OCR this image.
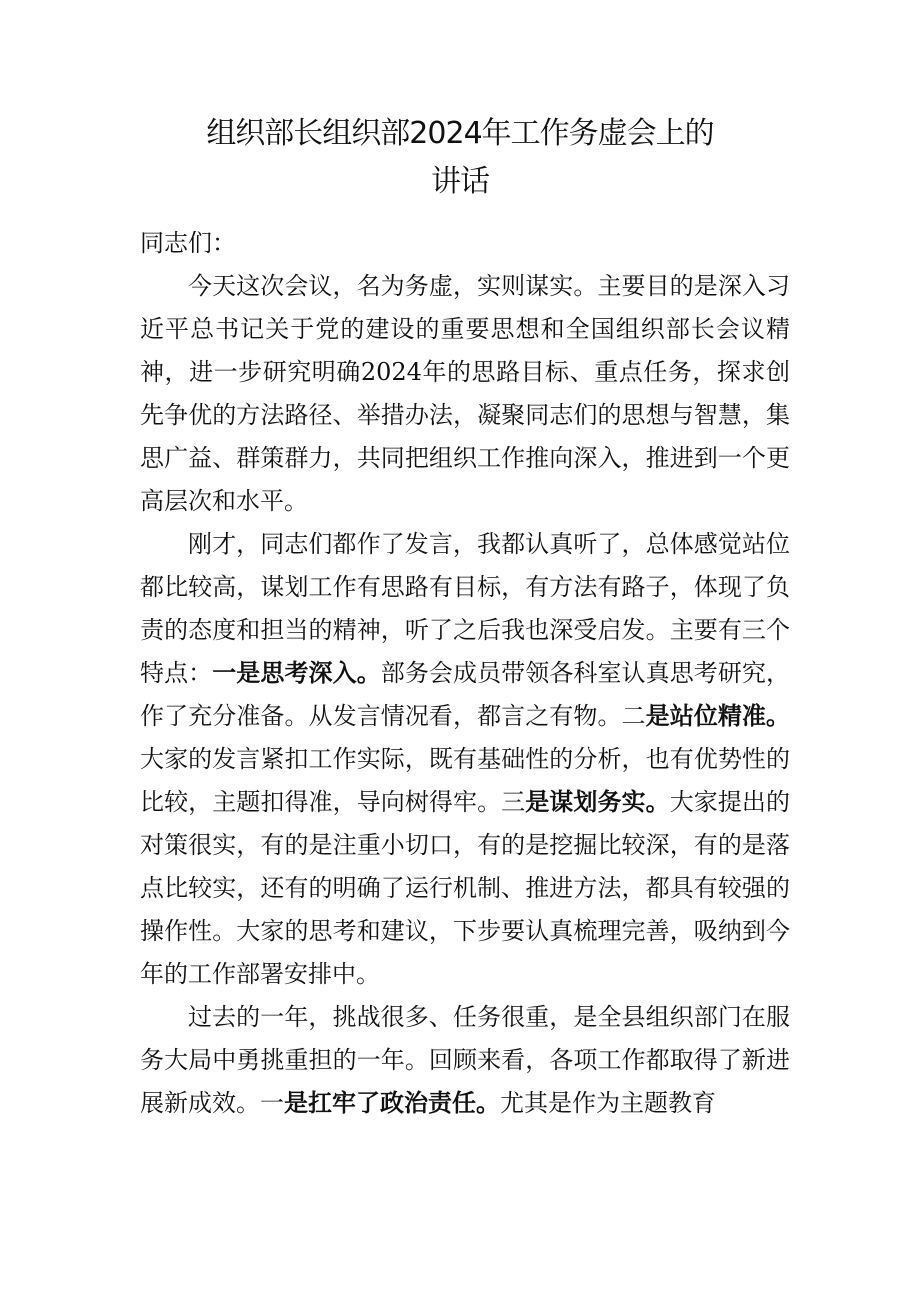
组织部长组织部2024年工作务虚会上的
讲话

同志们：

今天这次会议，名为务虚，实则谋实。主要目的是深入习近平总书记关于党的建设的重要思想和全国组织部长会议精神，进一步研究明确2024年的思路目标、重点任务，探求创先争优的方法路径、举措办法，凝聚同志们的思想与智慧，集思广益、群策群力，共同把组织工作推向深入，推进到一个更高层次和水平。

刚才，同志们都作了发言，我都认真听了，总体感觉站位都比较高，谋划工作有思路有目标，有方法有路子，体现了负责的态度和担当的精神，听了之后我也深受启发。主要有三个特点：一是思考深入。部务会成员带领各科室认真思考研究，作了充分准备。从发言情况看，都言之有物。二是站位精准。大家的发言紧扣工作实际，既有基础性的分析，也有优势性的比较，主题扣得准，导向树得牢。三是谋划务实。大家提出的对策很实，有的是注重小切口，有的是挖掘比较深，有的是落点比较实，还有的明确了运行机制、推进方法，都具有较强的操作性。大家的思考和建议，下步要认真梳理完善，吸纳到今年的工作部署安排中。

过去的一年，挑战很多、任务很重，是全县组织部门在服务大局中勇挑重担的一年。回顾来看，各项工作都取得了新进展新成效。一是扛牢了政治责任。尤其是作为主题教育
